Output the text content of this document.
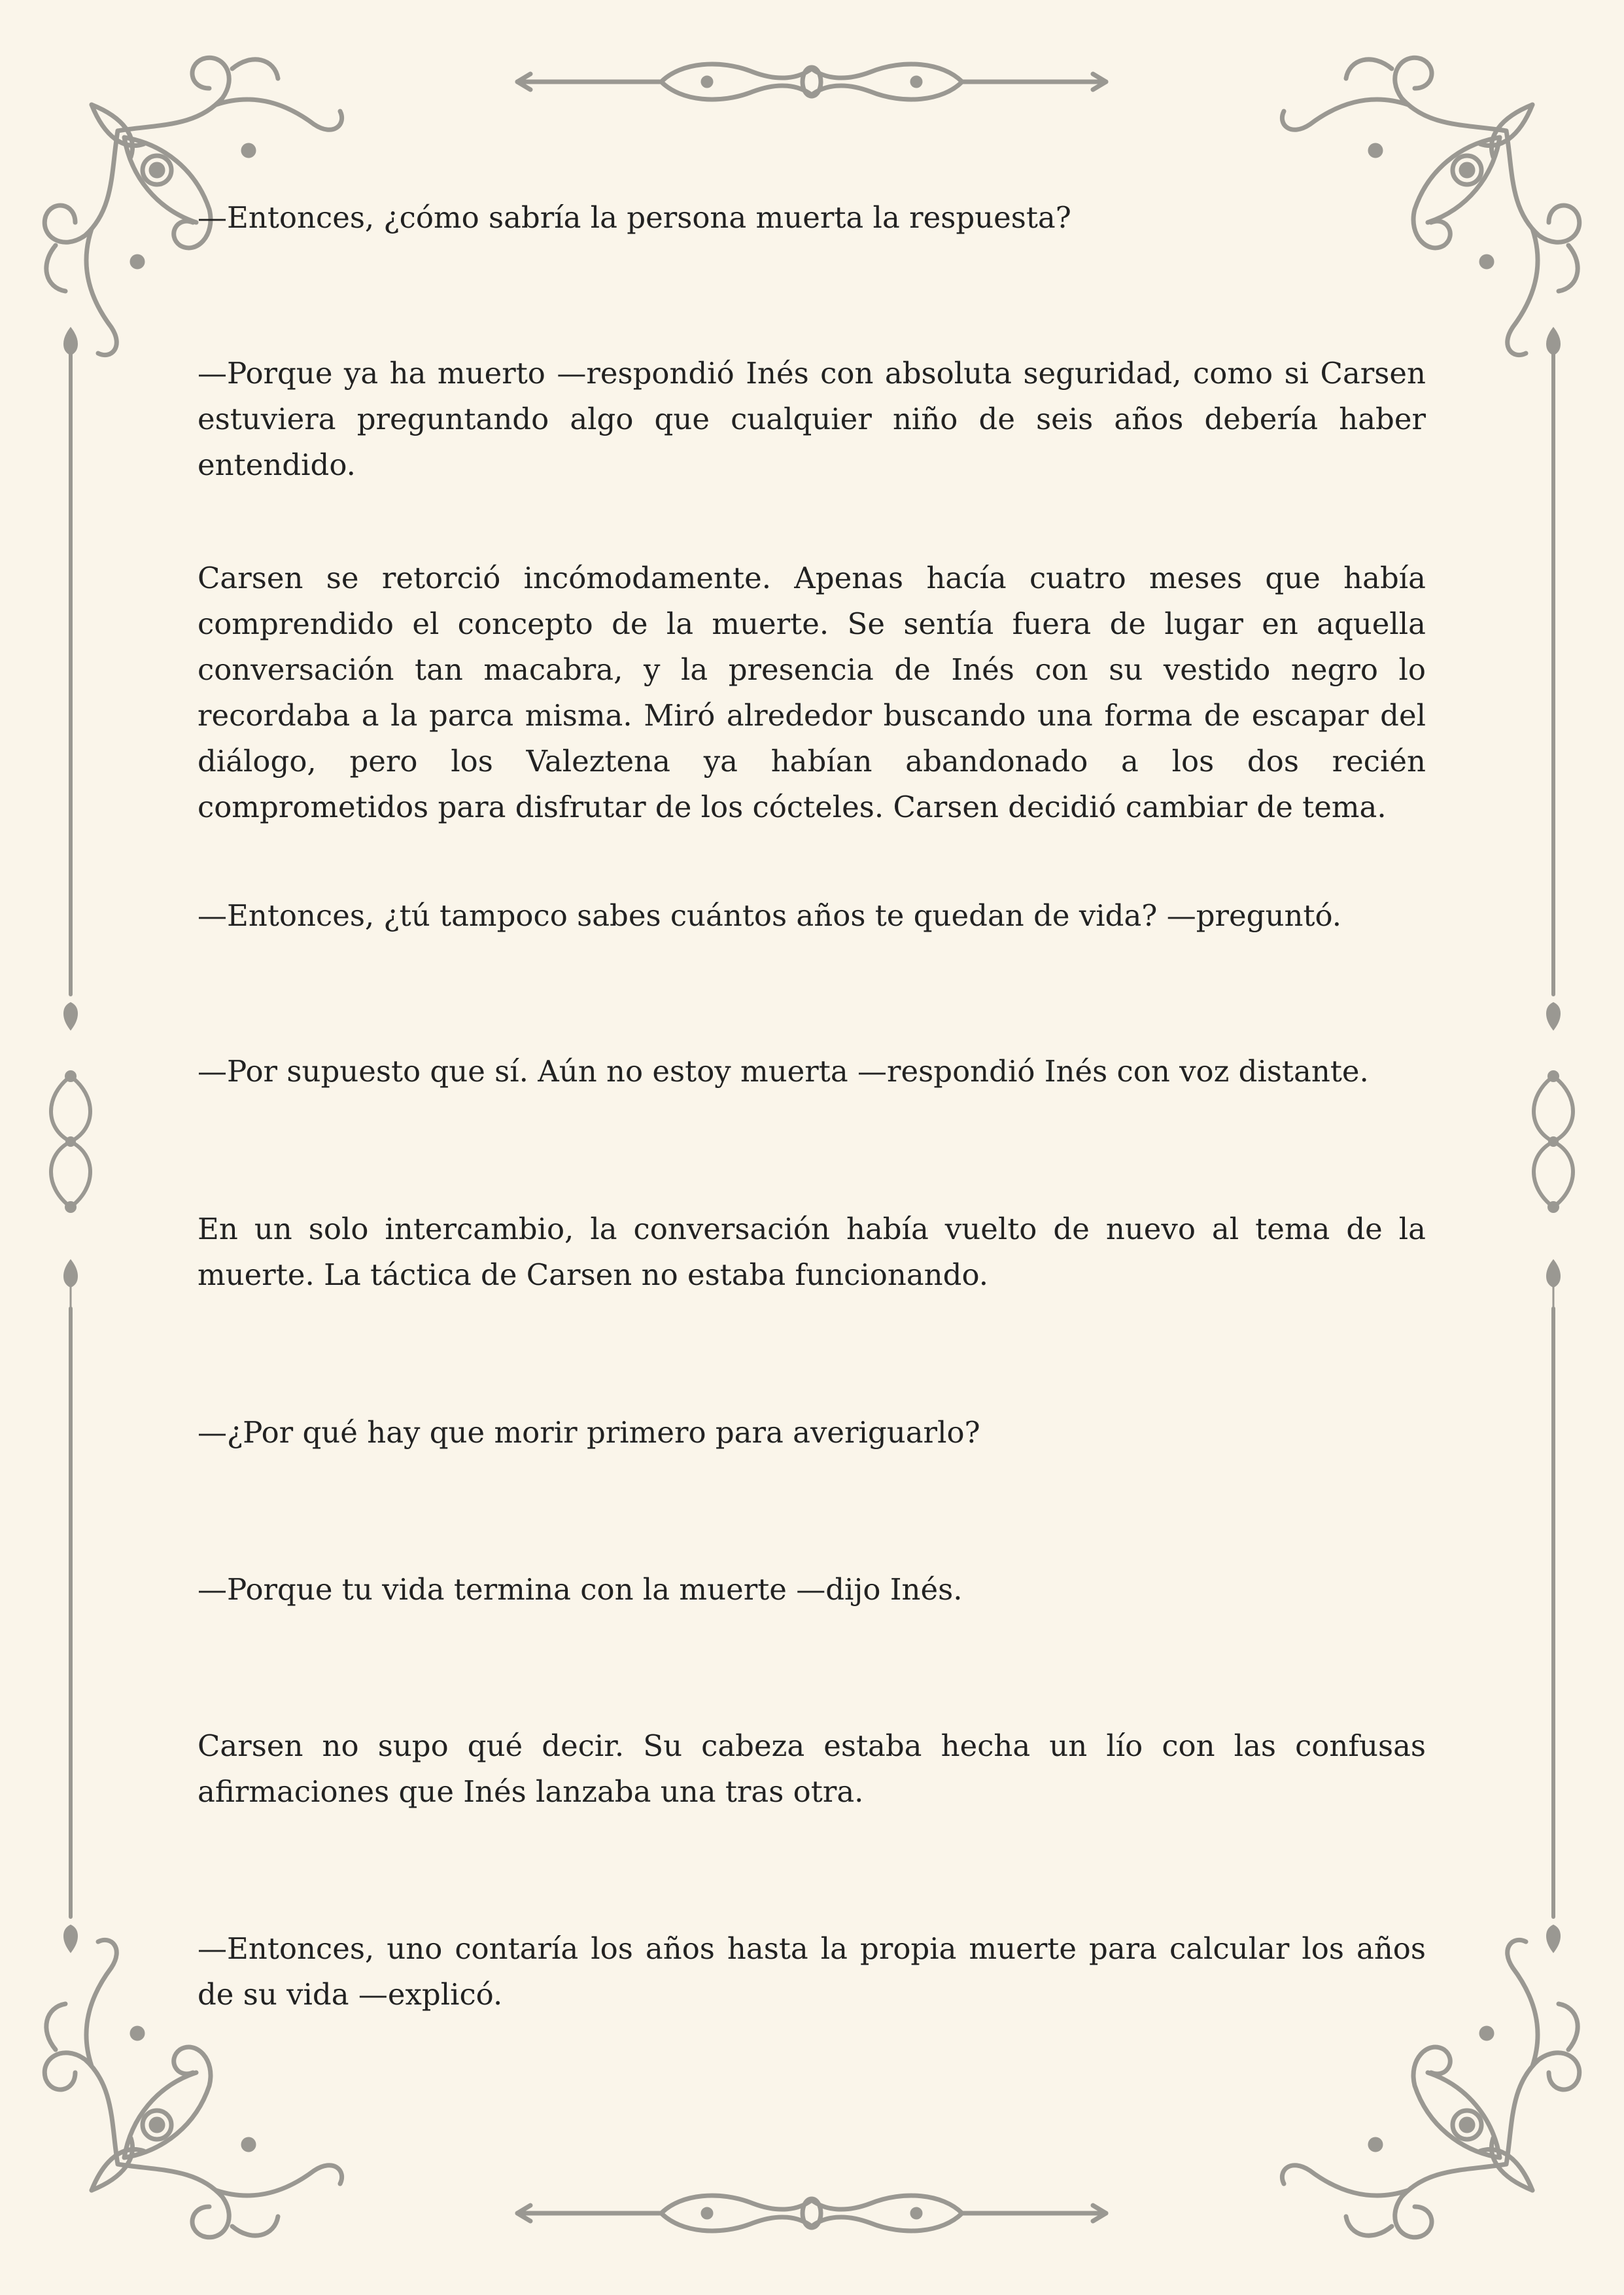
—Entonces, ¿cómo sabría la persona muerta la respuesta?

—Porque ya ha muerto —respondió Inés con absoluta seguridad, como si Carsen estuviera preguntando algo que cualquier niño de seis años debería haber entendido.

Carsen se retorció incómodamente. Apenas hacía cuatro meses que había comprendido el concepto de la muerte. Se sentía fuera de lugar en aquella conversación tan macabra, y la presencia de Inés con su vestido negro lo recordaba a la parca misma. Miró alrededor buscando una forma de escapar del diálogo, pero los Valeztena ya habían abandonado a los dos recién comprometidos para disfrutar de los cócteles. Carsen decidió cambiar de tema.

—Entonces, ¿tú tampoco sabes cuántos años te quedan de vida? —preguntó.

—Por supuesto que sí. Aún no estoy muerta —respondió Inés con voz distante.

En un solo intercambio, la conversación había vuelto de nuevo al tema de la muerte. La táctica de Carsen no estaba funcionando.

—¿Por qué hay que morir primero para averiguarlo?

—Porque tu vida termina con la muerte —dijo Inés.

Carsen no supo qué decir. Su cabeza estaba hecha un lío con las confusas afirmaciones que Inés lanzaba una tras otra.

—Entonces, uno contaría los años hasta la propia muerte para calcular los años de su vida —explicó.
